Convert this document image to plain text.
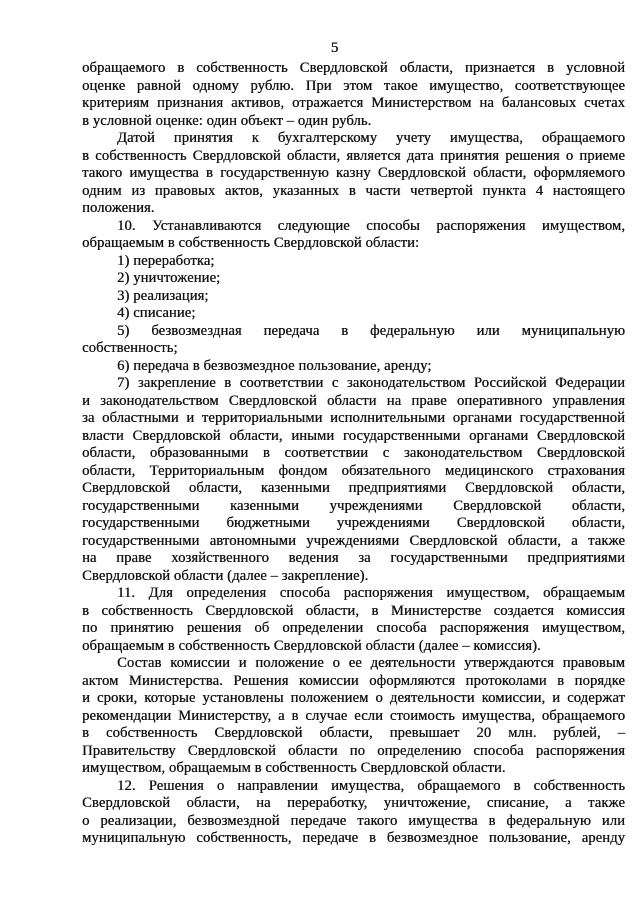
5
обращаемого в собственность Свердловской области, признается в условной
оценке равной одному рублю. При этом такое имущество, соответствующее
критериям признания активов, отражается Министерством на балансовых счетах
в условной оценке: один объект – один рубль.
Датой принятия к бухгалтерскому учету имущества, обращаемого
в собственность Свердловской области, является дата принятия решения о приеме
такого имущества в государственную казну Свердловской области, оформляемого
одним из правовых актов, указанных в части четвертой пункта 4 настоящего
положения.
10. Устанавливаются следующие способы распоряжения имуществом,
обращаемым в собственность Свердловской области:
1) переработка;
2) уничтожение;
3) реализация;
4) списание;
5) безвозмездная передача в федеральную или муниципальную
собственность;
6) передача в безвозмездное пользование, аренду;
7) закрепление в соответствии с законодательством Российской Федерации
и законодательством Свердловской области на праве оперативного управления
за областными и территориальными исполнительными органами государственной
власти Свердловской области, иными государственными органами Свердловской
области, образованными в соответствии с законодательством Свердловской
области, Территориальным фондом обязательного медицинского страхования
Свердловской области, казенными предприятиями Свердловской области,
государственными казенными учреждениями Свердловской области,
государственными бюджетными учреждениями Свердловской области,
государственными автономными учреждениями Свердловской области, а также
на праве хозяйственного ведения за государственными предприятиями
Свердловской области (далее – закрепление).
11. Для определения способа распоряжения имуществом, обращаемым
в собственность Свердловской области, в Министерстве создается комиссия
по принятию решения об определении способа распоряжения имуществом,
обращаемым в собственность Свердловской области (далее – комиссия).
Состав комиссии и положение о ее деятельности утверждаются правовым
актом Министерства. Решения комиссии оформляются протоколами в порядке
и сроки, которые установлены положением о деятельности комиссии, и содержат
рекомендации Министерству, а в случае если стоимость имущества, обращаемого
в собственность Свердловской области, превышает 20 млн. рублей, –
Правительству Свердловской области по определению способа распоряжения
имуществом, обращаемым в собственность Свердловской области.
12. Решения о направлении имущества, обращаемого в собственность
Свердловской области, на переработку, уничтожение, списание, а также
о реализации, безвозмездной передаче такого имущества в федеральную или
муниципальную собственность, передаче в безвозмездное пользование, аренду
